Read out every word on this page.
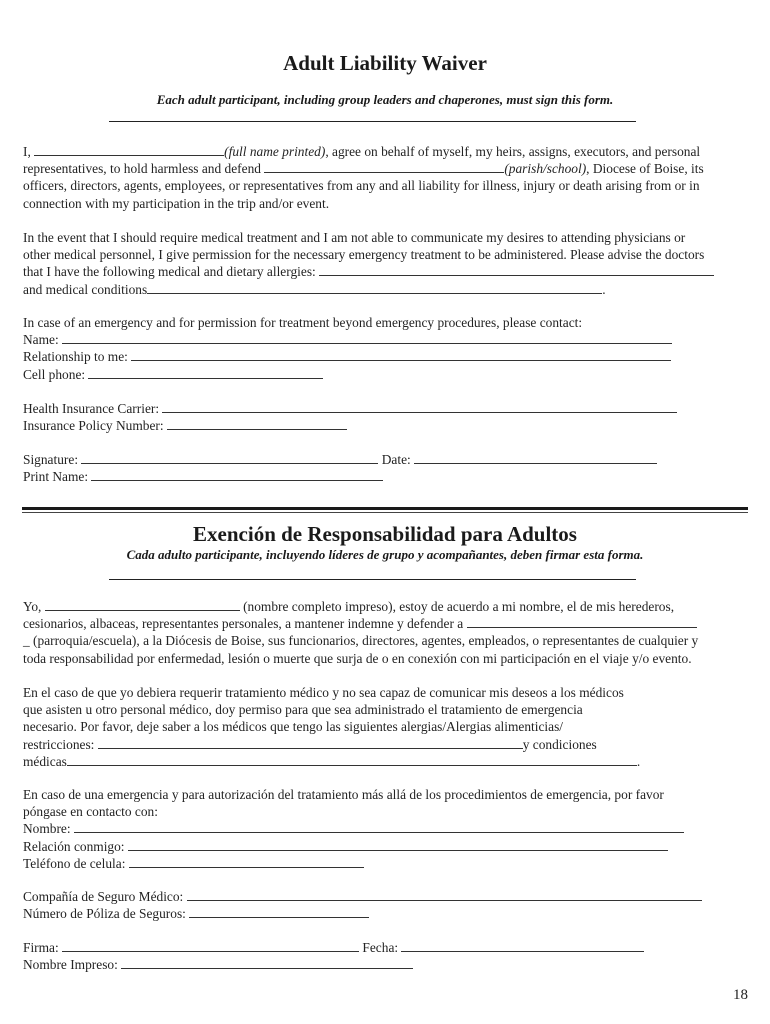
Adult Liability Waiver
Each adult participant, including group leaders and chaperones, must sign this form.
I,	(full name printed), agree on behalf of myself, my heirs, assigns, executors, and personal
representatives, to hold harmless and defend	(parish/school), Diocese of Boise, its
officers, directors, agents, employees, or representatives from any and all liability for illness, injury or death arising from or in
connection with my participation in the trip and/or event.
In the event that I should require medical treatment and I am not able to communicate my desires to attending physicians or
other medical personnel, I give permission for the necessary emergency treatment to be administered. Please advise the doctors
that I have the following medical and dietary allergies:
and medical conditions	.
In case of an emergency and for permission for treatment beyond emergency procedures, please contact:
Name:
Relationship to me:
Cell phone:
Health Insurance Carrier:
Insurance Policy Number:
Signature:	Date:
Print Name:
Exención de Responsabilidad para Adultos
Cada adulto participante, incluyendo líderes de grupo y acompañantes, deben firmar esta forma.
Yo,	(nombre completo impreso), estoy de acuerdo a mi nombre, el de mis herederos,
cesionarios, albaceas, representantes personales, a mantener indemne y defender a
_ (parroquia/escuela), a la Diócesis de Boise, sus funcionarios, directores, agentes, empleados, o representantes de cualquier y
toda responsabilidad por enfermedad, lesión o muerte que surja de o en conexión con mi participación en el viaje y/o evento.
En el caso de que yo debiera requerir tratamiento médico y no sea capaz de comunicar mis deseos a los médicos
que asisten u otro personal médico, doy permiso para que sea administrado el tratamiento de emergencia
necesario. Por favor, deje saber a los médicos que tengo las siguientes alergias/Alergias alimenticias/
restricciones:	y condiciones
médicas	.
En caso de una emergencia y para autorización del tratamiento más allá de los procedimientos de emergencia, por favor
póngase en contacto con:
Nombre:
Relación conmigo:
Teléfono de celula:
Compañía de Seguro Médico:
Número de Póliza de Seguros:
Firma:	Fecha:
Nombre Impreso:
18
